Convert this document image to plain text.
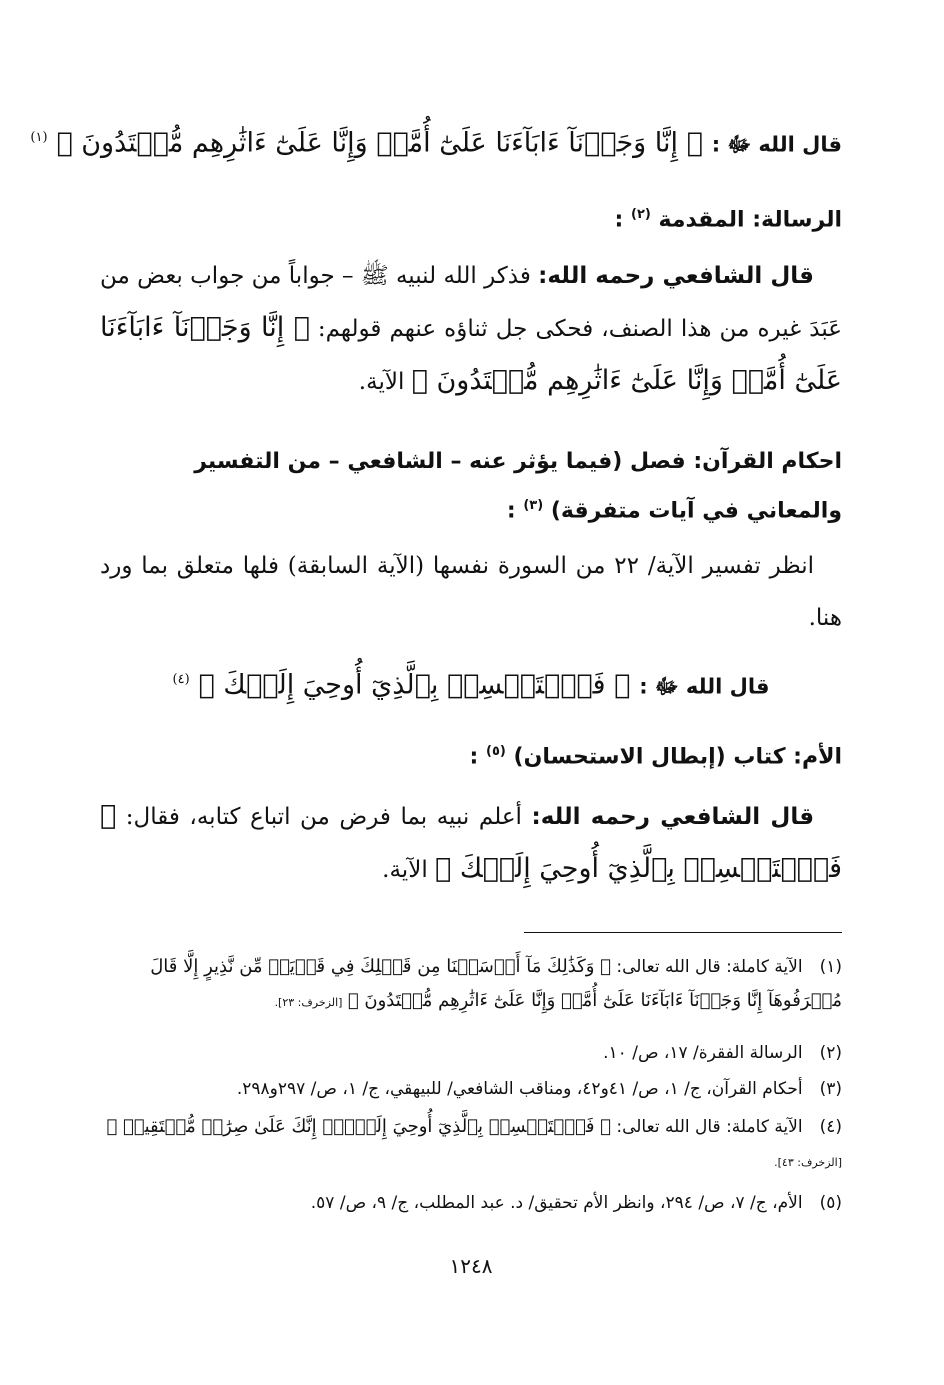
قال الله ﷻ : ﴿ إِنَّا وَجَدۡنَآ ءَابَآءَنَا عَلَىٰٓ أُمَّةٖ وَإِنَّا عَلَىٰٓ ءَاثَٰرِهِم مُّقۡتَدُونَ ﴾ $^{(١)}$
الرسالة: المقدمة $^{(٢)}$ :
قال الشافعي رحمه الله: فذكر الله لنبيه ﷺ – جواباً من جواب بعض من عَبَدَ غيره من هذا الصنف، فحكى جل ثناؤه عنهم قولهم: ﴿ إِنَّا وَجَدۡنَآ ءَابَآءَنَا عَلَىٰٓ أُمَّةٖ وَإِنَّا عَلَىٰٓ ءَاثَٰرِهِم مُّقۡتَدُونَ ﴾ الآية.
احكام القرآن: فصل (فيما يؤثر عنه – الشافعي – من التفسير والمعاني في آيات متفرقة) $^{(٣)}$ :
انظر تفسير الآية/ ٢٢ من السورة نفسها (الآية السابقة) فلها متعلق بما ورد هنا.
قال الله ﷻ : ﴿ فَٱسۡتَمۡسِكۡ بِٱلَّذِيٓ أُوحِيَ إِلَيۡكَ ﴾ $^{(٤)}$
الأم: كتاب (إبطال الاستحسان) $^{(٥)}$ :
قال الشافعي رحمه الله: أعلم نبيه بما فرض من اتباع كتابه، فقال: ﴿ فَٱسۡتَمۡسِكۡ بِٱلَّذِيٓ أُوحِيَ إِلَيۡكَ ﴾ الآية.
(١) الآية كاملة: قال الله تعالى: ﴿ وَكَذَٰلِكَ مَآ أَرۡسَلۡنَا مِن قَبۡلِكَ فِي قَرۡيَةٖ مِّن نَّذِيرٍ إِلَّا قَالَ مُتۡرَفُوهَآ إِنَّا وَجَدۡنَآ ءَابَآءَنَا عَلَىٰٓ أُمَّةٖ وَإِنَّا عَلَىٰٓ ءَاثَٰرِهِم مُّقۡتَدُونَ ﴾ [الزخرف: ٢٣].
(٢) الرسالة الفقرة/ ١٧، ص/ ١٠.
(٣) أحكام القرآن، ج/ ١، ص/ ٤١و٤٢، ومناقب الشافعي/ للبيهقي، ج/ ١، ص/ ٢٩٧و٢٩٨.
(٤) الآية كاملة: قال الله تعالى: ﴿ فَٱسۡتَمۡسِكۡ بِٱلَّذِيٓ أُوحِيَ إِلَيۡكَۖ إِنَّكَ عَلَىٰ صِرَٰطٖ مُّسۡتَقِيمٖ ﴾ [الزخرف: ٤٣].
(٥) الأم، ج/ ٧، ص/ ٢٩٤، وانظر الأم تحقيق/ د. عبد المطلب، ج/ ٩، ص/ ٥٧.
١٢٤٨
